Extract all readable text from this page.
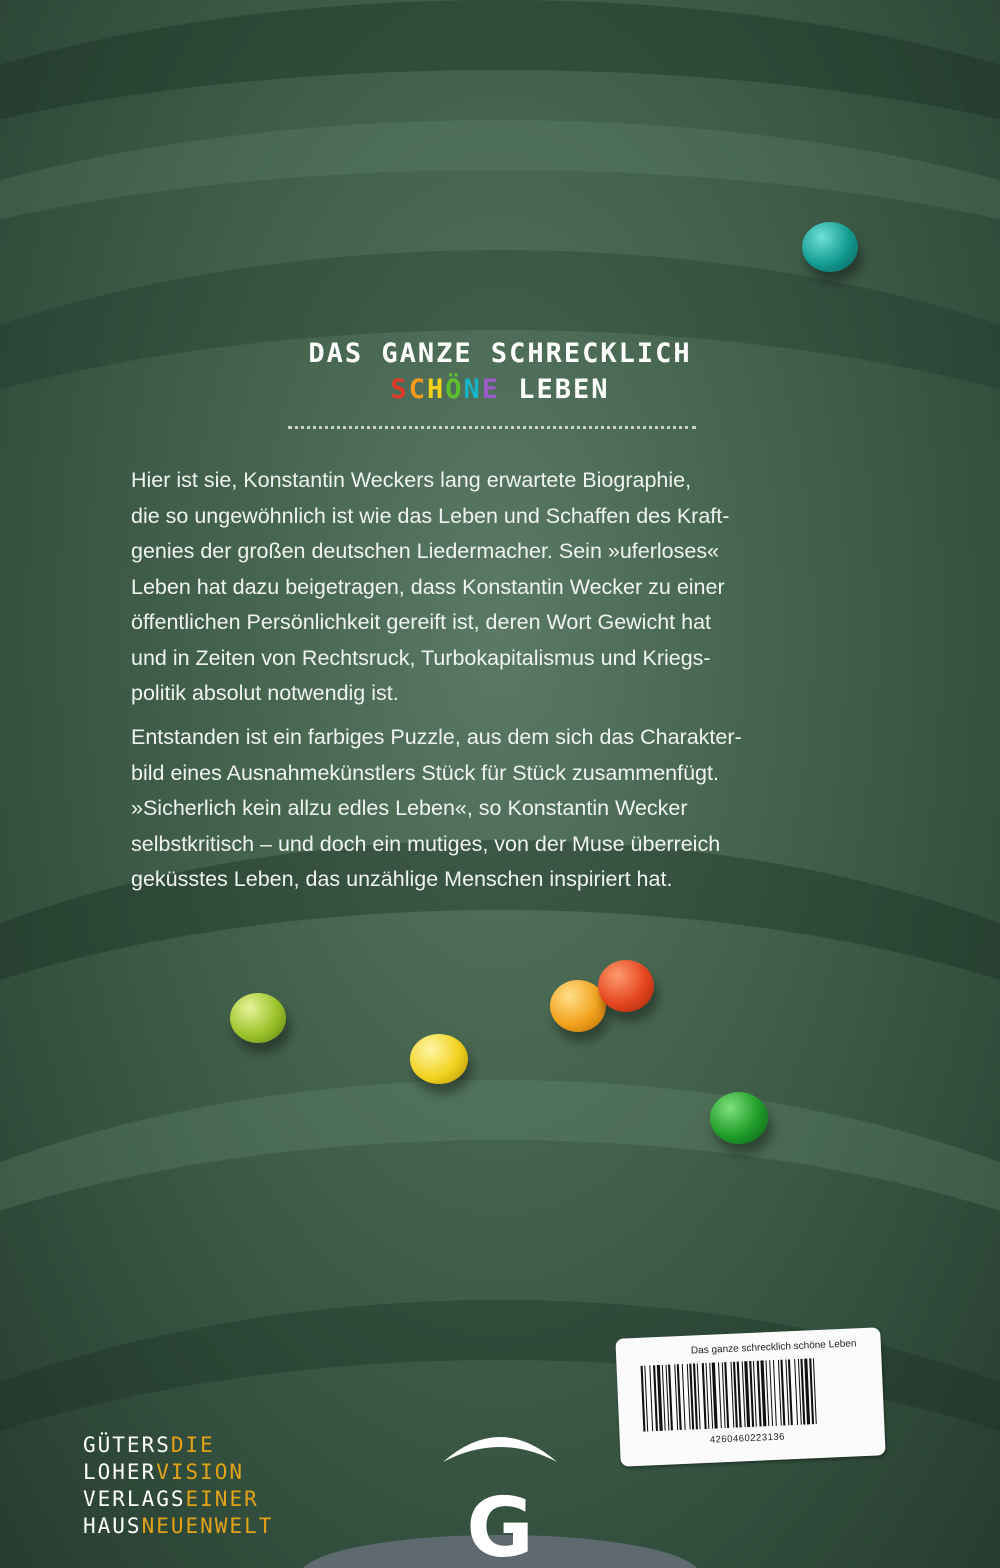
DAS GANZE SCHRECKLICH
SCHÖNE LEBEN
Hier ist sie, Konstantin Weckers lang erwartete Biographie,
die so ungewöhnlich ist wie das Leben und Schaffen des Kraft-
genies der großen deutschen Liedermacher. Sein »uferloses«
Leben hat dazu beigetragen, dass Konstantin Wecker zu einer
öffentlichen Persönlichkeit gereift ist, deren Wort Gewicht hat
und in Zeiten von Rechtsruck, Turbokapitalismus und Kriegs-
politik absolut notwendig ist.
Entstanden ist ein farbiges Puzzle, aus dem sich das Charakter-
bild eines Ausnahmekünstlers Stück für Stück zusammenfügt.
»Sicherlich kein allzu edles Leben«, so Konstantin Wecker
selbstkritisch – und doch ein mutiges, von der Muse überreich
geküsstes Leben, das unzählige Menschen inspiriert hat.
GÜTERSDIE
LOHERVISION
VERLAGSEINER
HAUSNEUENWELT G
Das ganze schrecklich schöne Leben
4260460223136
